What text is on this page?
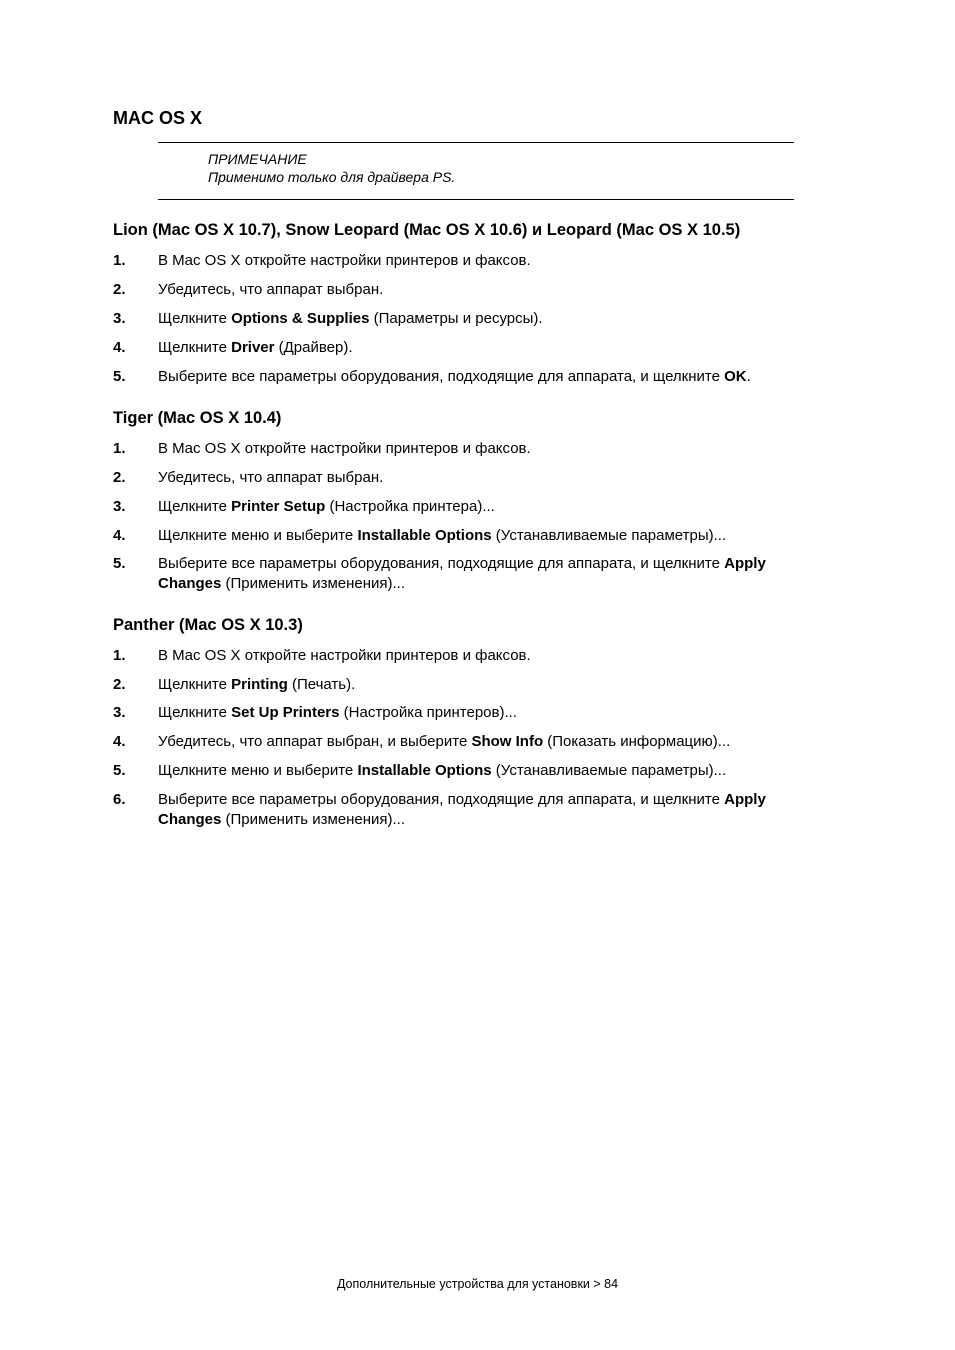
MAC OS X
ПРИМЕЧАНИЕ
Применимо только для драйвера PS.
Lion (Mac OS X 10.7), Snow Leopard (Mac OS X 10.6) и Leopard (Mac OS X 10.5)
1. В Mac OS X откройте настройки принтеров и факсов.
2. Убедитесь, что аппарат выбран.
3. Щелкните Options & Supplies (Параметры и ресурсы).
4. Щелкните Driver (Драйвер).
5. Выберите все параметры оборудования, подходящие для аппарата, и щелкните OK.
Tiger (Mac OS X 10.4)
1. В Mac OS X откройте настройки принтеров и факсов.
2. Убедитесь, что аппарат выбран.
3. Щелкните Printer Setup (Настройка принтера)...
4. Щелкните меню и выберите Installable Options (Устанавливаемые параметры)...
5. Выберите все параметры оборудования, подходящие для аппарата, и щелкните Apply Changes (Применить изменения)...
Panther (Mac OS X 10.3)
1. В Mac OS X откройте настройки принтеров и факсов.
2. Щелкните Printing (Печать).
3. Щелкните Set Up Printers (Настройка принтеров)...
4. Убедитесь, что аппарат выбран, и выберите Show Info (Показать информацию)...
5. Щелкните меню и выберите Installable Options (Устанавливаемые параметры)...
6. Выберите все параметры оборудования, подходящие для аппарата, и щелкните Apply Changes (Применить изменения)...
Дополнительные устройства для установки > 84
